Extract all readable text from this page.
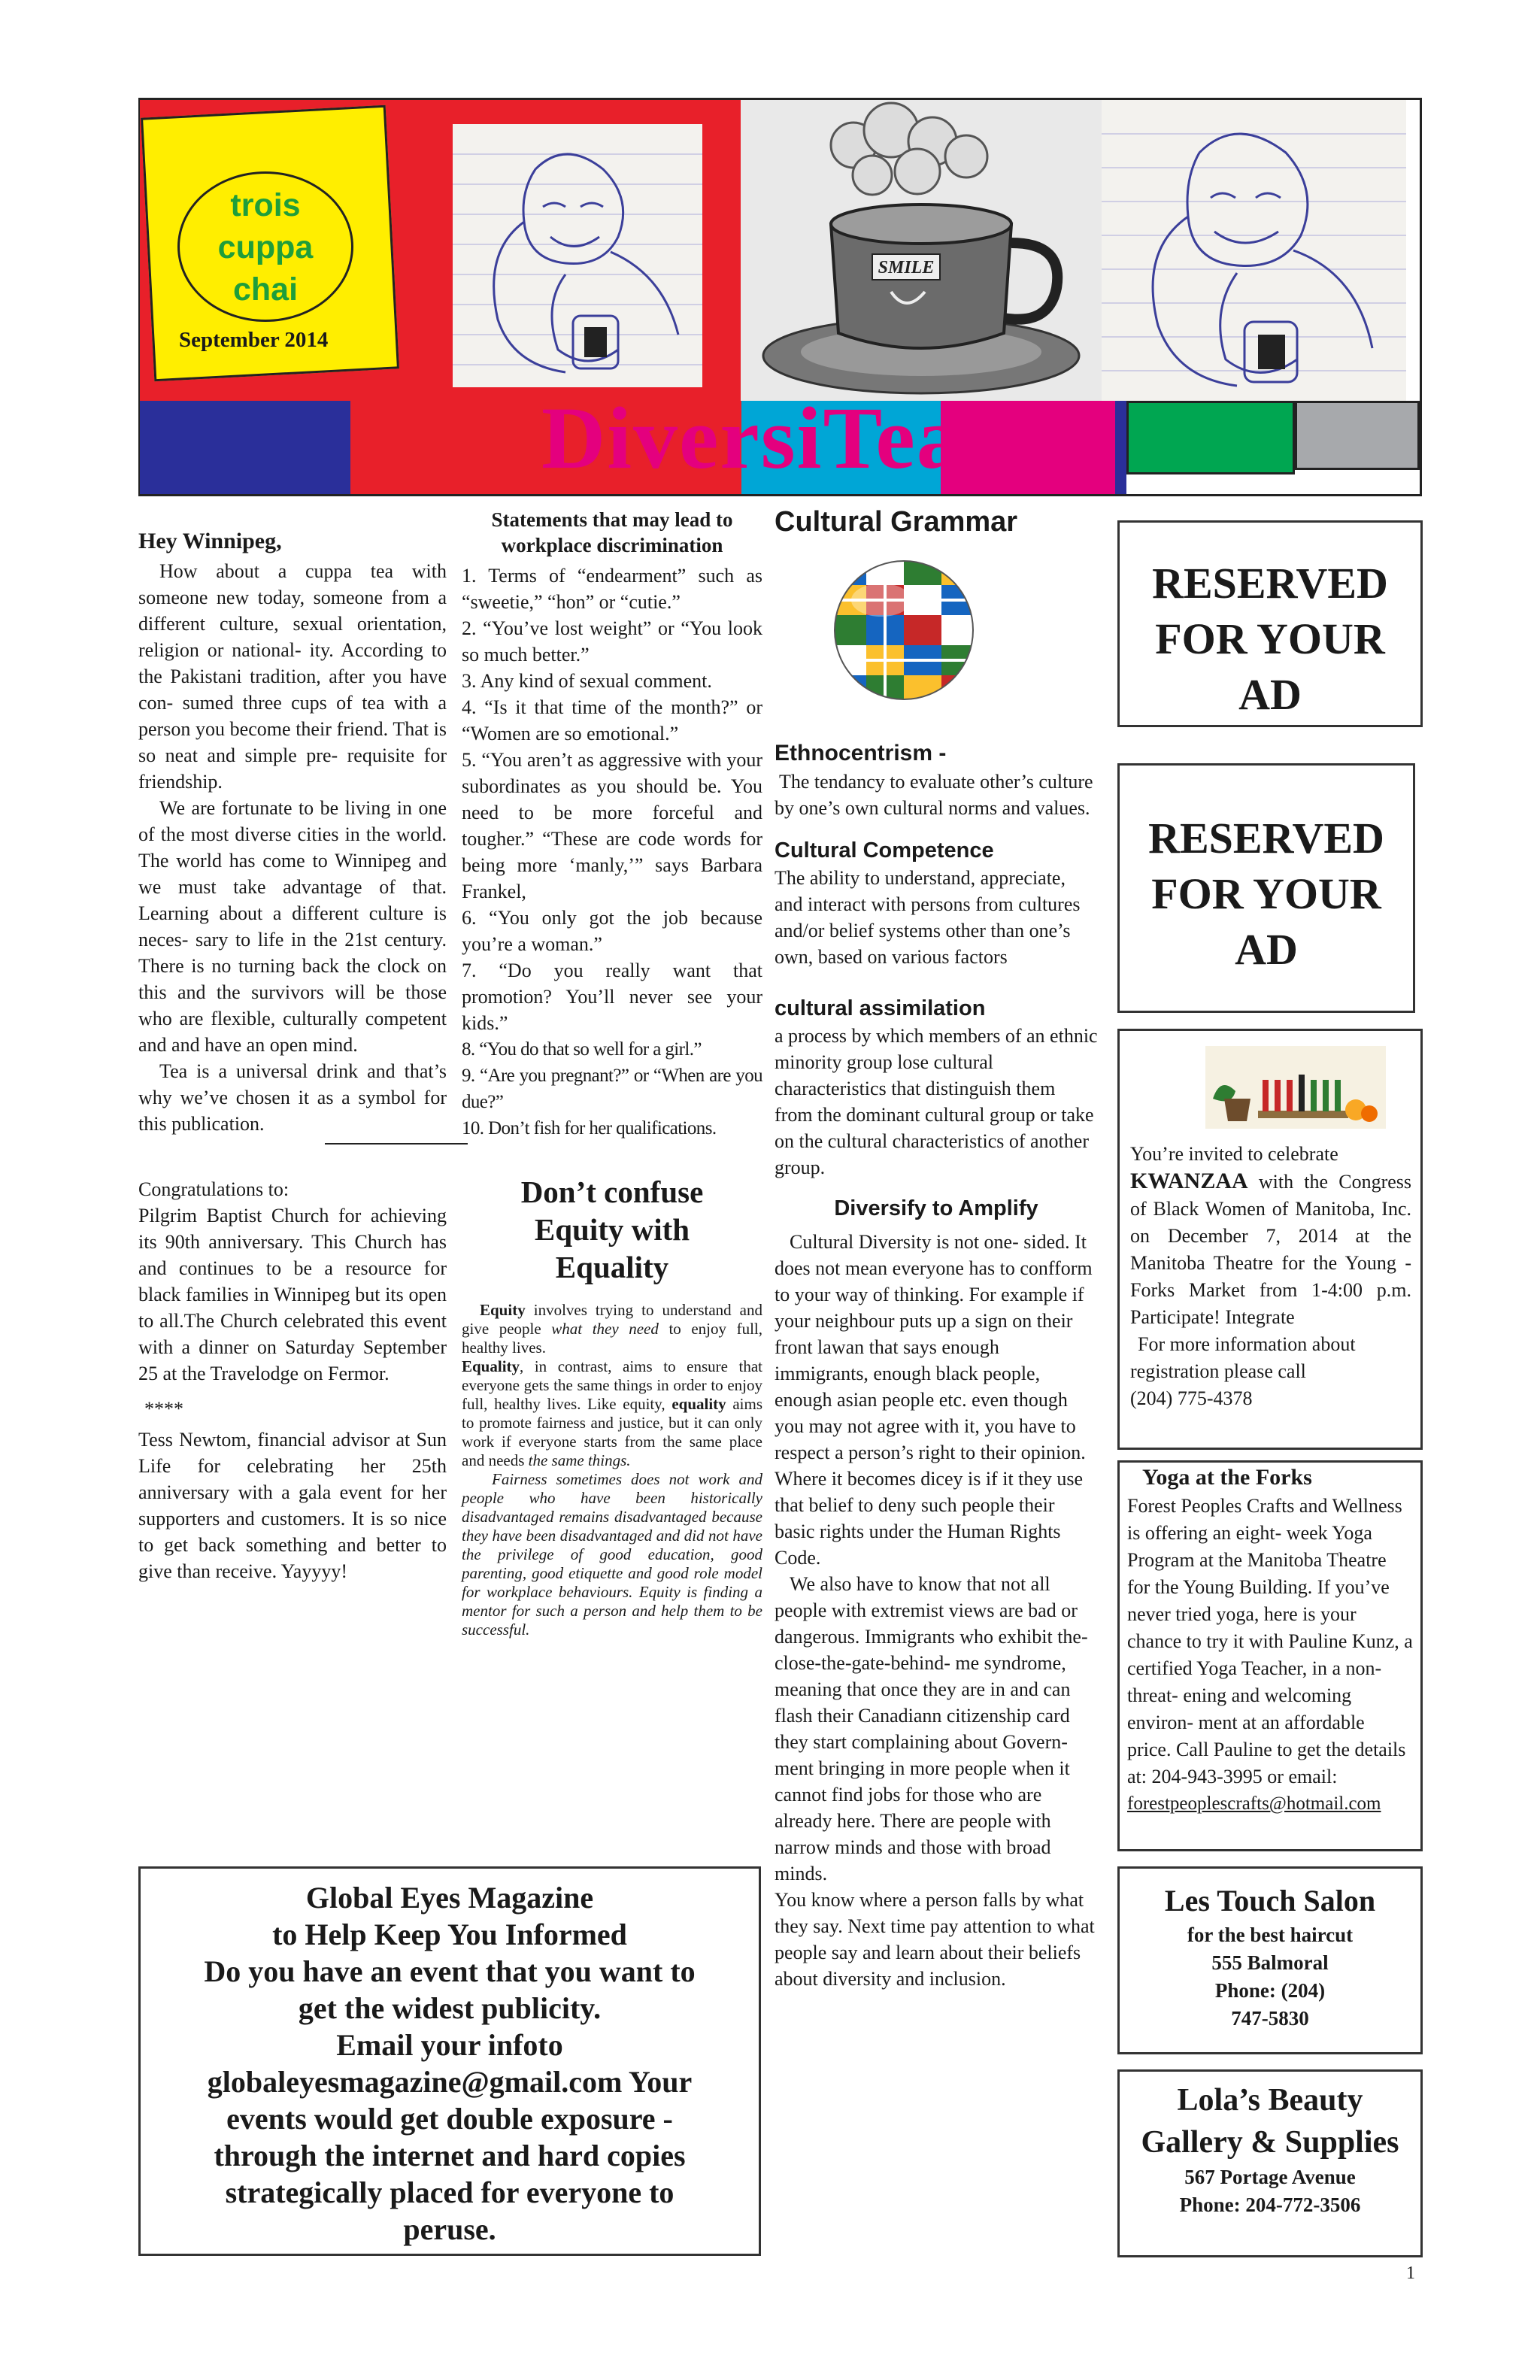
trois
cuppa
chai
September 2014
SMILE
DiversiTea

Hey Winnipeg,

How about a cuppa tea with someone new today, someone from a different culture, sexual orientation, religion or national- ity. According to the Pakistani tradition, after you have con- sumed three cups of tea with a person you become their friend. That is so neat and simple pre- requisite for friendship.

We are fortunate to be living in one of the most diverse cities in the world. The world has come to Winnipeg and we must take advantage of that. Learning about a different culture is neces- sary to life in the 21st century. There is no turning back the clock on this and the survivors will be those who are flexible, culturally competent and and have an open mind.

Tea is a universal drink and that’s why we’ve chosen it as a symbol for this publication.

Congratulations to:

Pilgrim Baptist Church for achieving its 90th anniversary. This Church has and continues to be a resource for black families in Winnipeg but its open to all.The Church celebrated this event with a dinner on Saturday September 25 at the Travelodge on Fermor.

****

Tess Newtom, financial advisor at Sun Life for celebrating her 25th anniversary with a gala event for her supporters and customers. It is so nice to get back something and better to give than receive. Yayyyy!

Statements that may lead to workplace discrimination

1. Terms of “endearment” such as “sweetie,” “hon” or “cutie.”

2. “You’ve lost weight” or “You look so much better.”

3. Any kind of sexual comment.

4. “Is it that time of the month?” or “Women are so emotional.”

5. “You aren’t as aggressive with your subordinates as you should be. You need to be more forceful and tougher.” “These are code words for being more ‘manly,’” says Barbara Frankel,

6. “You only got the job because you’re a woman.”

7. “Do you really want that promotion? You’ll never see your kids.”

8. “You do that so well for a girl.”

9. “Are you pregnant?” or “When are you due?”

10. Don’t fish for her qualifications.

Don’t confuse Equity with Equality

Equity involves trying to understand and give people what they need to enjoy full, healthy lives.

Equality, in contrast, aims to ensure that everyone gets the same things in order to enjoy full, healthy lives. Like equity, equality aims to promote fairness and justice, but it can only work if everyone starts from the same place and needs the same things.

Fairness sometimes does not work and people who have been historically disadvantaged remains disadvantaged because they have been disadvantaged and did not have the privilege of good education, good parenting, good etiquette and good role model for workplace behaviours. Equity is finding a mentor for such a person and help them to be successful.

Cultural Grammar

Ethnocentrism -

The tendancy to evaluate other’s culture by one’s own cultural norms and values.

Cultural Competence

The ability to understand, appreciate, and interact with persons from cultures and/or belief systems other than one’s own, based on various factors

cultural assimilation

a process by which members of an ethnic minority group lose cultural characteristics that distinguish them from the dominant cultural group or take on the cultural characteristics of another group.

Diversify to Amplify

Cultural Diversity is not one- sided. It does not mean everyone has to confform to your way of thinking. For example if your neighbour puts up a sign on their front lawan that says enough immigrants, enough black people, enough asian people etc. even though you may not agree with it, you have to respect a person’s right to their opinion. Where it becomes dicey is if it they use that belief to deny such people their basic rights under the Human Rights Code.

We also have to know that not all people with extremist views are bad or dangerous. Immigrants who exhibit the-close-the-gate-behind- me syndrome, meaning that once they are in and can flash their Canadiann citizenship card they start complaining about Govern- ment bringing in more people when it cannot find jobs for those who are already here. There are people with narrow minds and those with broad minds.

You know where a person falls by what they say. Next time pay attention to what people say and learn about their beliefs about diversity and inclusion.

RESERVED
FOR YOUR
AD
RESERVED
FOR YOUR
AD
You’re invited to celebrate
KWANZAA with the Congress of Black Women of Manitoba, Inc. on December 7, 2014 at the Manitoba Theatre for the Young - Forks Market from 1-4:00 p.m. Participate! Integrate
For more information about registration please call
(204) 775-4378
Yoga at the Forks
Forest Peoples Crafts and Wellness is offering an eight- week Yoga Program at the Manitoba Theatre for the Young Building. If you’ve never tried yoga, here is your chance to try it with Pauline Kunz, a certified Yoga Teacher, in a non-threat- ening and welcoming environ- ment at an affordable price. Call Pauline to get the details at: 204-943-3995 or email:
forestpeoplescrafts@hotmail.com
Les Touch Salon
for the best haircut
555 Balmoral
Phone: (204)
747-5830
Lola’s Beauty
Gallery & Supplies
567 Portage Avenue
Phone: 204-772-3506
Global Eyes Magazine
to Help Keep You Informed
Do you have an event that you want to
get the widest publicity.
Email your infoto
globaleyesmagazine@gmail.com Your
events would get double exposure -
through the internet and hard copies
strategically placed for everyone to
peruse.
1
